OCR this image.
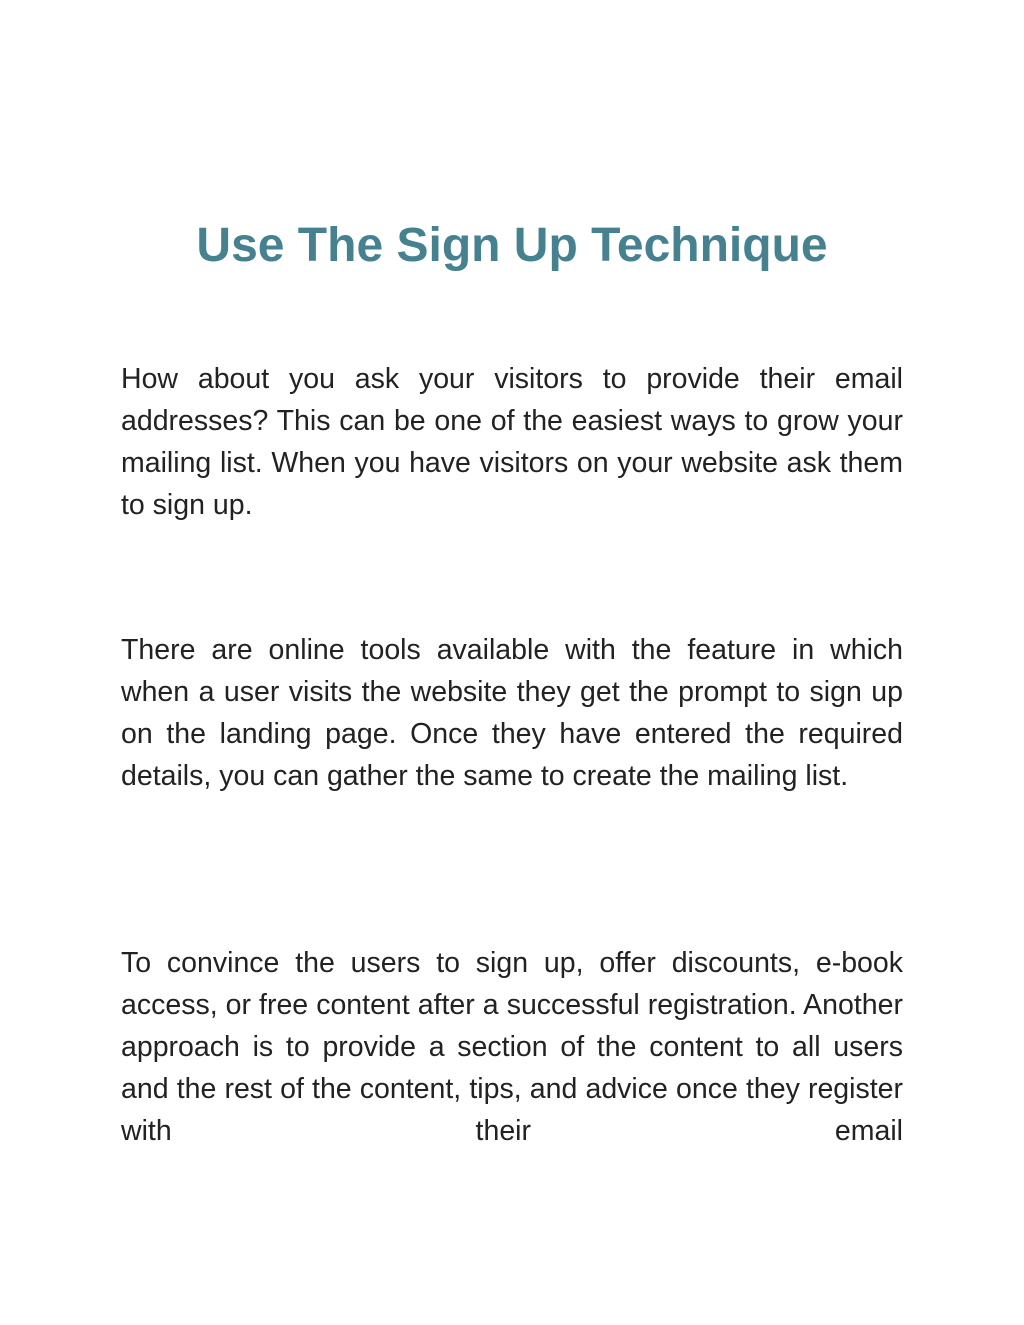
Use The Sign Up Technique

How about you ask your visitors to provide their email addresses? This can be one of the easiest ways to grow your mailing list. When you have visitors on your website ask them to sign up.

There are online tools available with the feature in which when a user visits the website they get the prompt to sign up on the landing page. Once they have entered the required details, you can gather the same to create the mailing list.

To convince the users to sign up, offer discounts, e-book access, or free content after a successful registration. Another approach is to provide a section of the content to all users and the rest of the content, tips, and advice once they register with their email
